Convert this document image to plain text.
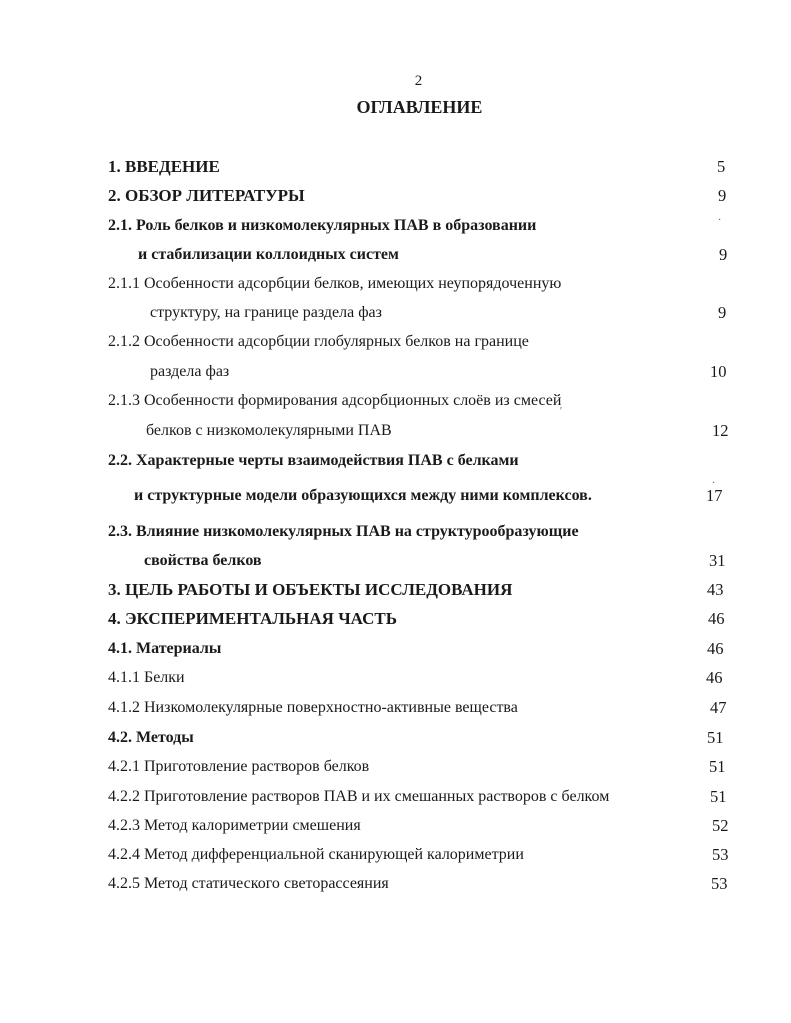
2
ОГЛАВЛЕНИЕ
1. ВВЕДЕНИЕ	5
2. ОБЗОР ЛИТЕРАТУРЫ	9
2.1. Роль белков и низкомолекулярных ПАВ в образовании
и стабилизации коллоидных систем	9
2.1.1 Особенности адсорбции белков, имеющих неупорядоченную
структуру, на границе раздела фаз	9
2.1.2 Особенности адсорбции глобулярных белков на границе
раздела фаз	10
2.1.3 Особенности формирования адсорбционных слоёв из смесей
белков с низкомолекулярными ПАВ	12
2.2. Характерные черты взаимодействия ПАВ с белками
и структурные модели образующихся между ними комплексов.	17
2.3. Влияние низкомолекулярных ПАВ на структурообразующие
свойства белков	31
3. ЦЕЛЬ РАБОТЫ И ОБЪЕКТЫ ИССЛЕДОВАНИЯ	43
4. ЭКСПЕРИМЕНТАЛЬНАЯ ЧАСТЬ	46
4.1. Материалы	46
4.1.1 Белки	46
4.1.2 Низкомолекулярные поверхностно-активные вещества	47
4.2. Методы	51
4.2.1 Приготовление растворов белков	51
4.2.2 Приготовление растворов ПАВ и их смешанных растворов с белком	51
4.2.3 Метод калориметрии смешения	52
4.2.4 Метод дифференциальной сканирующей калориметрии	53
4.2.5 Метод статического светорассеяния	53
·
ʹ
·
